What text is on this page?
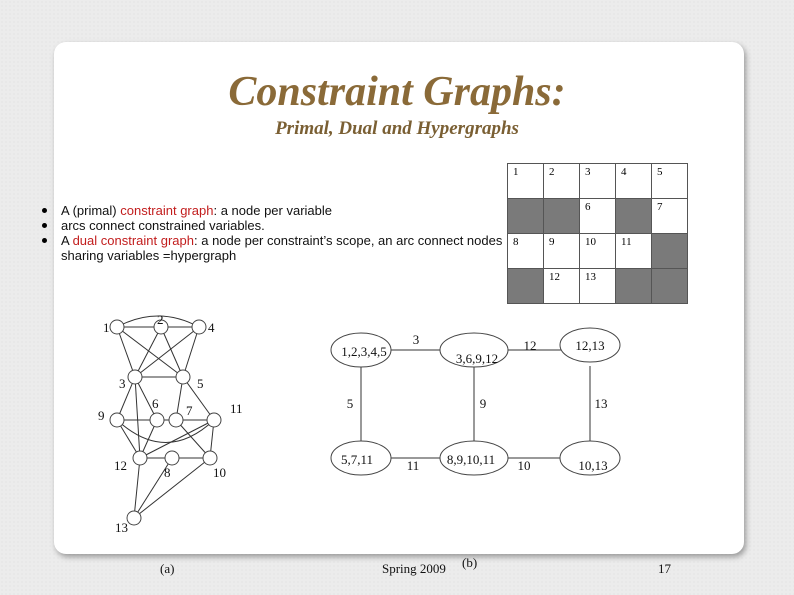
Constraint Graphs:
Primal, Dual and Hypergraphs
A (primal) constraint graph: a node per variable
arcs connect constrained variables.
A dual constraint graph: a node per constraint’s scope, an arc connect nodes sharing variables =hypergraph
1	2	3	4	5
		6		7
8	9	10	11	
	12	13		
1
2
4
3	5
9
6 7	11
12	8	10
13
1,2,3,4,5	3,6,9,12
12,13
5,7,11	8,9,10,11	10,13
3	12
5	9	13
11	10
(a)	(b)
Spring 2009	17
